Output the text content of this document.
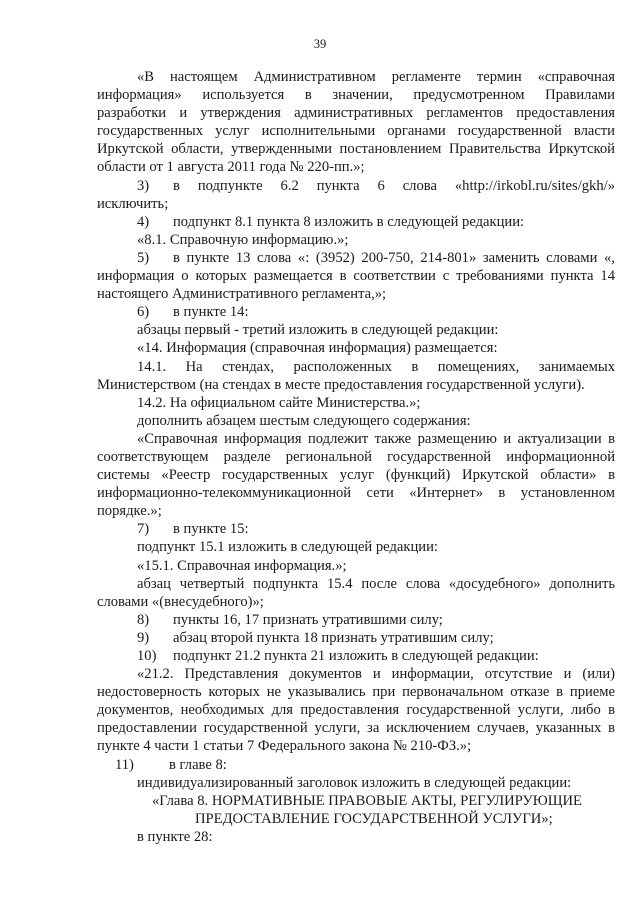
39
«В настоящем Административном регламенте термин «справочная
информация» используется в значении, предусмотренном Правилами
разработки и утверждения административных регламентов предоставления
государственных услуг исполнительными органами государственной власти
Иркутской области, утвержденными постановлением Правительства Иркутской
области от 1 августа 2011 года № 220-пп.»;
3) в подпункте 6.2 пункта 6 слова «http://irkobl.ru/sites/gkh/»
исключить;
4) подпункт 8.1 пункта 8 изложить в следующей редакции:
«8.1. Справочную информацию.»;
5) в пункте 13 слова «: (3952) 200-750, 214-801» заменить словами «,
информация о которых размещается в соответствии с требованиями пункта 14
настоящего Административного регламента,»;
6) в пункте 14:
абзацы первый - третий изложить в следующей редакции:
«14. Информация (справочная информация) размещается:
14.1. На стендах, расположенных в помещениях, занимаемых
Министерством (на стендах в месте предоставления государственной услуги).
14.2. На официальном сайте Министерства.»;
дополнить абзацем шестым следующего содержания:
«Справочная информация подлежит также размещению и актуализации в
соответствующем разделе региональной государственной информационной
системы «Реестр государственных услуг (функций) Иркутской области» в
информационно-телекоммуникационной сети «Интернет» в установленном
порядке.»;
7) в пункте 15:
подпункт 15.1 изложить в следующей редакции:
«15.1. Справочная информация.»;
абзац четвертый подпункта 15.4 после слова «досудебного» дополнить
словами «(внесудебного)»;
8) пункты 16, 17 признать утратившими силу;
9) абзац второй пункта 18 признать утратившим силу;
10) подпункт 21.2 пункта 21 изложить в следующей редакции:
«21.2. Представления документов и информации, отсутствие и (или)
недостоверность которых не указывались при первоначальном отказе в приеме
документов, необходимых для предоставления государственной услуги, либо в
предоставлении государственной услуги, за исключением случаев, указанных в
пункте 4 части 1 статьи 7 Федерального закона № 210-ФЗ.»;
11) в главе 8:
индивидуализированный заголовок изложить в следующей редакции:
«Глава 8. НОРМАТИВНЫЕ ПРАВОВЫЕ АКТЫ, РЕГУЛИРУЮЩИЕ
ПРЕДОСТАВЛЕНИЕ ГОСУДАРСТВЕННОЙ УСЛУГИ»;
в пункте 28:
